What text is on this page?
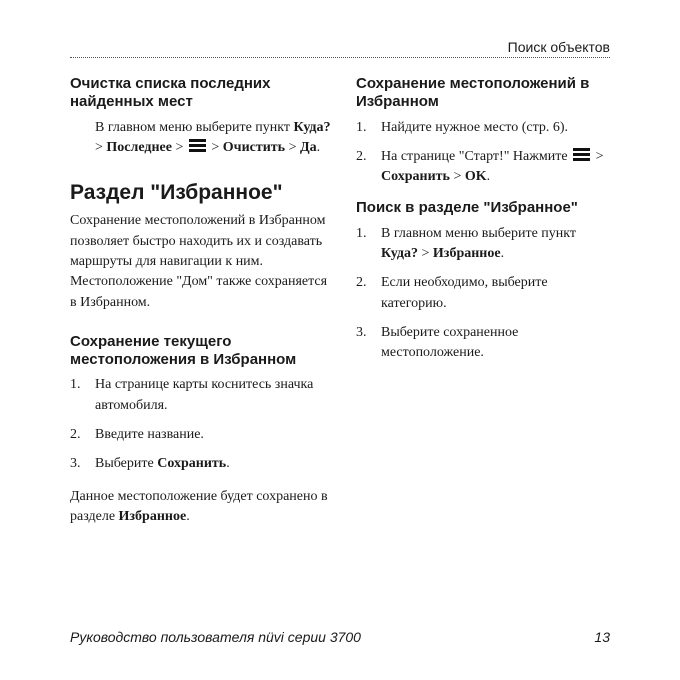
Поиск объектов
Очистка списка последних найденных мест
В главном меню выберите пункт Куда? > Последнее > > Очистить > Да.
Раздел "Избранное"

Сохранение местоположений в Избранном позволяет быстро находить их и создавать маршруты для навигации к ним. Местоположение "Дом" также сохраняется в Избранном.

Сохранение текущего местоположения в Избранном
1. На странице карты коснитесь значка автомобиля.
2. Введите название.
3. Выберите Сохранить.

Данное местоположение будет сохранено в разделе Избранное.

Сохранение местоположений в Избранном
1. Найдите нужное место (стр. 6).
2. На странице "Старт!" Нажмите > Сохранить > OK.
Поиск в разделе "Избранное"
1. В главном меню выберите пункт Куда? > Избранное.
2. Если необходимо, выберите категорию.
3. Выберите сохраненное местоположение.
Руководство пользователя nüvi серии 3700	13
